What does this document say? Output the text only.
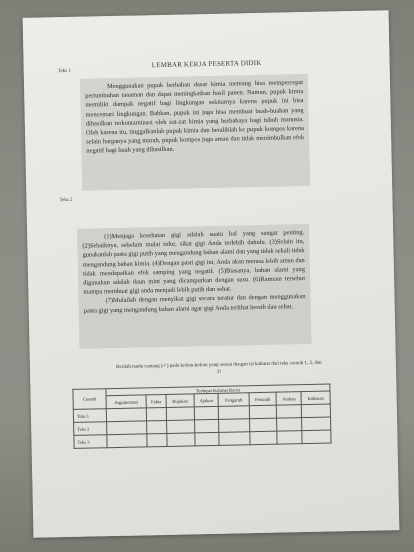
LEMBAR KERJA PESERTA DIDIK
Teks 1

Menggunakan pupuk berbahan dasar kimia memang bisa mempercepat pertumbuhan tanaman dan dapat meningkatkan hasil panen. Namun, pupuk kimia memiliki dampak negatif bagi lingkungan sekitarnya karena pupuk ini bisa mencemari lingkungan. Bahkan, pupuk ini juga bisa membuat buah-buahan yang dihasilkan terkontaminasi oleh zat-zat kimia yang berbahaya bagi tubuh manusia. Oleh karena itu, tinggalkanlah pupuk kimia dan beralihlah ke pupuk kompos karena selain harganya yang murah, pupuk kompos juga aman dan tidak menimbulkan efek negatif bagi buah yang dihasilkan.

Teks 2

(1)Menjaga kesehatan gigi adalah suatu hal yang sangat penting. (2)Sebaiknya, sebelum mulai tidur, sikat gigi Anda terlebih dahulu. (3)Selain itu, gunakanlah pasta gigi putih yang mengandung bahan alami dan yang tidak sekali tidak mengandung bahan kimia. (4)Dengan pasti gigi ini, Anda akan merasa lebih aman dan tidak mendapatkan efek samping yang negatif. (5)Biasanya, bahan alami yang digunakan adalah daun mint yang dicampurkan dengan susu. (6)Ramuan tersebut mampu membuat gigi anda menjadi lebih putih dan sehat.

(7)Mulailah dengan menyikat gigi secara teratur dan dengan menggunakan pasta gigi yang mengandung bahan alami agar gigi Anda terlihat bersih dan sehat.

Berilah tanda centang (✓) pada kolom-kolom yang sesuai dengan isi kalimat dari teks contoh 1, 2, dan 3!
Contoh	Terdapat Kalimat Berisi							
	Argumentasi	Fakta	Bujukan	Ajakan	Pengaruh	Pertanih	Arahan	Imbauan
Teks 1								
Teks 2								
Teks 3								
